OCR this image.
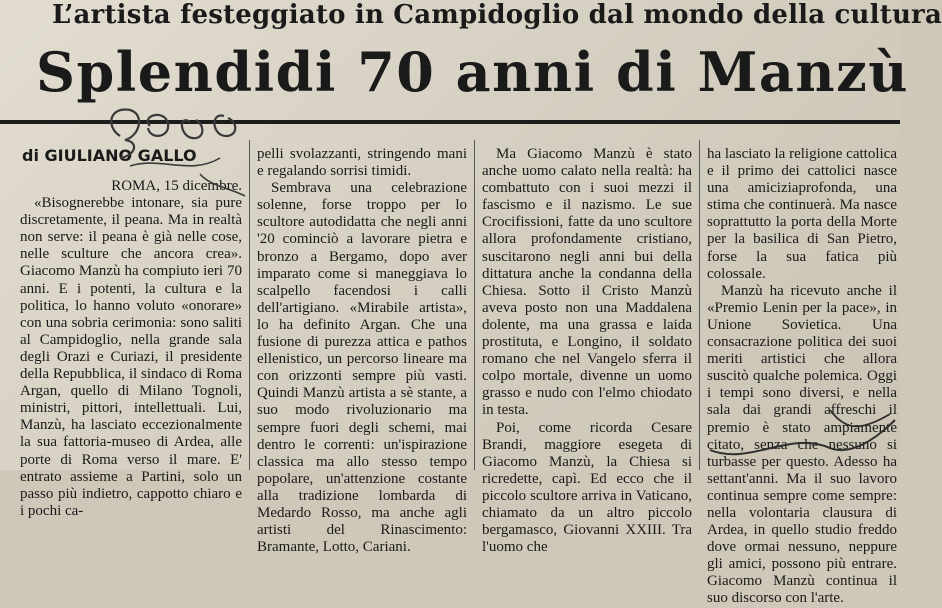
L’artista festeggiato in Campidoglio dal mondo della cultura
Splendidi 70 anni di Manzù
di GIULIANO GALLO

ROMA, 15 dicembre.

«Bisognerebbe intonare, sia pure discretamente, il peana. Ma in realtà non serve: il peana è già nelle cose, nelle sculture che ancora crea». Giacomo Manzù ha compiuto ieri 70 anni. E i potenti, la cultura e la politica, lo hanno voluto «onorare» con una sobria cerimonia: sono saliti al Campidoglio, nella grande sala degli Orazi e Curiazi, il presidente della Repubblica, il sindaco di Roma Argan, quello di Milano Tognoli, ministri, pittori, intellettuali. Lui, Manzù, ha lasciato eccezionalmente la sua fattoria-museo di Ardea, alle porte di Roma verso il mare. E' entrato assieme a Partini, solo un passo più indietro, cappotto chiaro e i pochi ca-

pelli svolazzanti, stringendo mani e regalando sorrisi timidi.

Sembrava una celebrazione solenne, forse troppo per lo scultore autodidatta che negli anni '20 cominciò a lavorare pietra e bronzo a Bergamo, dopo aver imparato come si maneggiava lo scalpello facendosi i calli dell'artigiano. «Mirabile artista», lo ha definito Argan. Che una fusione di purezza attica e pathos ellenistico, un percorso lineare ma con orizzonti sempre più vasti. Quindi Manzù artista a sè stante, a suo modo rivoluzionario ma sempre fuori degli schemi, mai dentro le correnti: un'ispirazione classica ma allo stesso tempo popolare, un'attenzione costante alla tradizione lombarda di Medardo Rosso, ma anche agli artisti del Rinascimento: Bramante, Lotto, Cariani.

Ma Giacomo Manzù è stato anche uomo calato nella realtà: ha combattuto con i suoi mezzi il fascismo e il nazismo. Le sue Crocifissioni, fatte da uno scultore allora profondamente cristiano, suscitarono negli anni bui della dittatura anche la condanna della Chiesa. Sotto il Cristo Manzù aveva posto non una Maddalena dolente, ma una grassa e laida prostituta, e Longino, il soldato romano che nel Vangelo sferra il colpo mortale, divenne un uomo grasso e nudo con l'elmo chiodato in testa.

Poi, come ricorda Cesare Brandi, maggiore esegeta di Giacomo Manzù, la Chiesa si ricredette, capì. Ed ecco che il piccolo scultore arriva in Vaticano, chiamato da un altro piccolo bergamasco, Giovanni XXIII. Tra l'uomo che

ha lasciato la religione cattolica e il primo dei cattolici nasce una amiciziaprofonda, una stima che continuerà. Ma nasce soprattutto la porta della Morte per la basilica di San Pietro, forse la sua fatica più colossale.

Manzù ha ricevuto anche il «Premio Lenin per la pace», in Unione Sovietica. Una consacrazione politica dei suoi meriti artistici che allora suscitò qualche polemica. Oggi i tempi sono diversi, e nella sala dai grandi affreschi il premio è stato ampiamente citato, senza che nessuno si turbasse per questo. Adesso ha settant'anni. Ma il suo lavoro continua sempre come sempre: nella volontaria clausura di Ardea, in quello studio freddo dove ormai nessuno, neppure gli amici, possono più entrare. Giacomo Manzù continua il suo discorso con l'arte.
